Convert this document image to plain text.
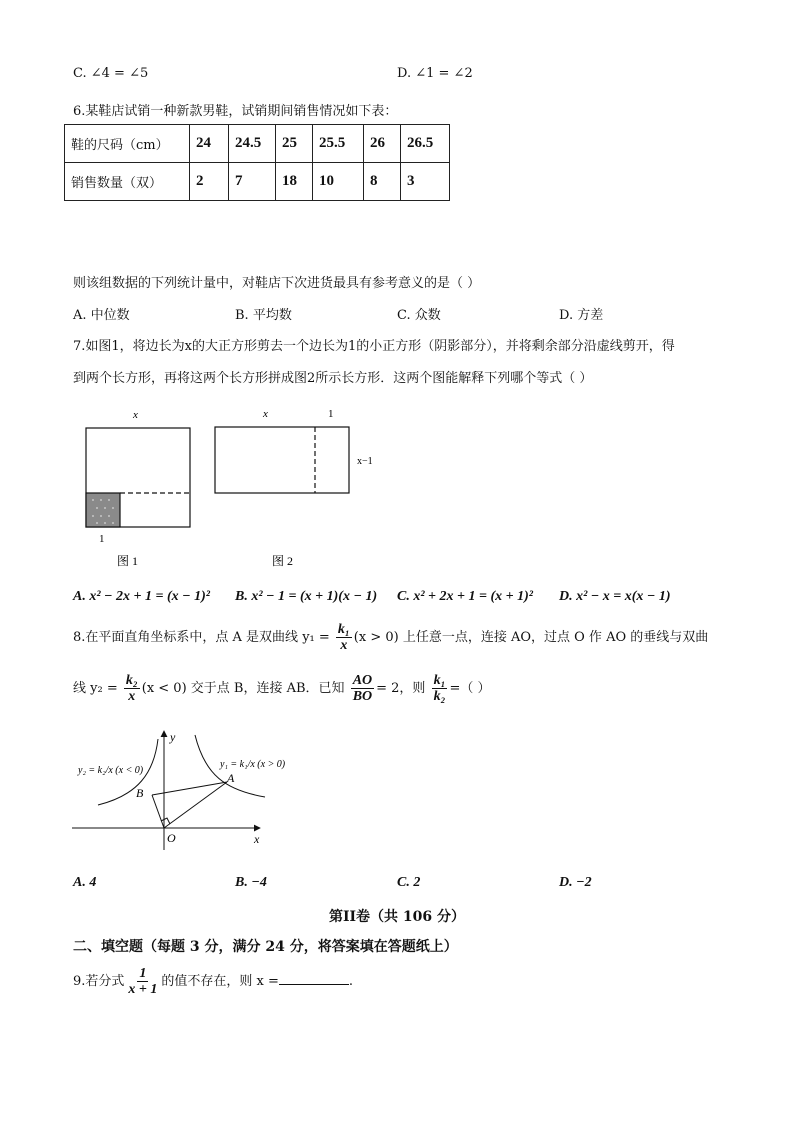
C. ∠4 = ∠5	D. ∠1 = ∠2
6.某鞋店试销一种新款男鞋，试销期间销售情况如下表：
鞋的尺码（cm）	24	24.5	25	25.5	26	26.5
销售数量（双）	2	7	18	10	8	3
则该组数据的下列统计量中，对鞋店下次进货最具有参考意义的是（ ）
A. 中位数	B. 平均数	C. 众数	D. 方差
7.如图1，将边长为x的大正方形剪去一个边长为1的小正方形（阴影部分），并将剩余部分沿虚线剪开，得
到两个长方形，再将这两个长方形拼成图2所示长方形．这两个图能解释下列哪个等式（ ）
x
1
图 1
x	1
x−1
图 2
A. x² − 2x + 1 = (x − 1)² B. x² − 1 = (x + 1)(x − 1) C. x² + 2x + 1 = (x + 1)² D. x² − x = x(x − 1)
8.在平面直角坐标系中，点 A 是双曲线 $y_1 = \frac{\text{k₁}}{x} (x > 0)$ 上任意一点，连接 AO，过点 O 作 AO 的垂线与双曲
线 $y_2 = \frac{\text{k₂}}{x} (x < 0)$ 交于点 B，连接 AB．已知 $\frac{AO}{BO} = 2$，则 $\frac{\text{k₁}}{\text{k₂}}$ =（ ）
y
x
O
A
B
y₂ = k₂/x (x < 0)
y₁ = k₁/x (x > 0)
A. 4	B. −4	C. 2	D. −2
第II卷（共 106 分）
二、填空题（每题 3 分，满分 24 分，将答案填在答题纸上）
9.若分式 $\frac{1}{x + 1}$ 的值不存在，则 x =	.
